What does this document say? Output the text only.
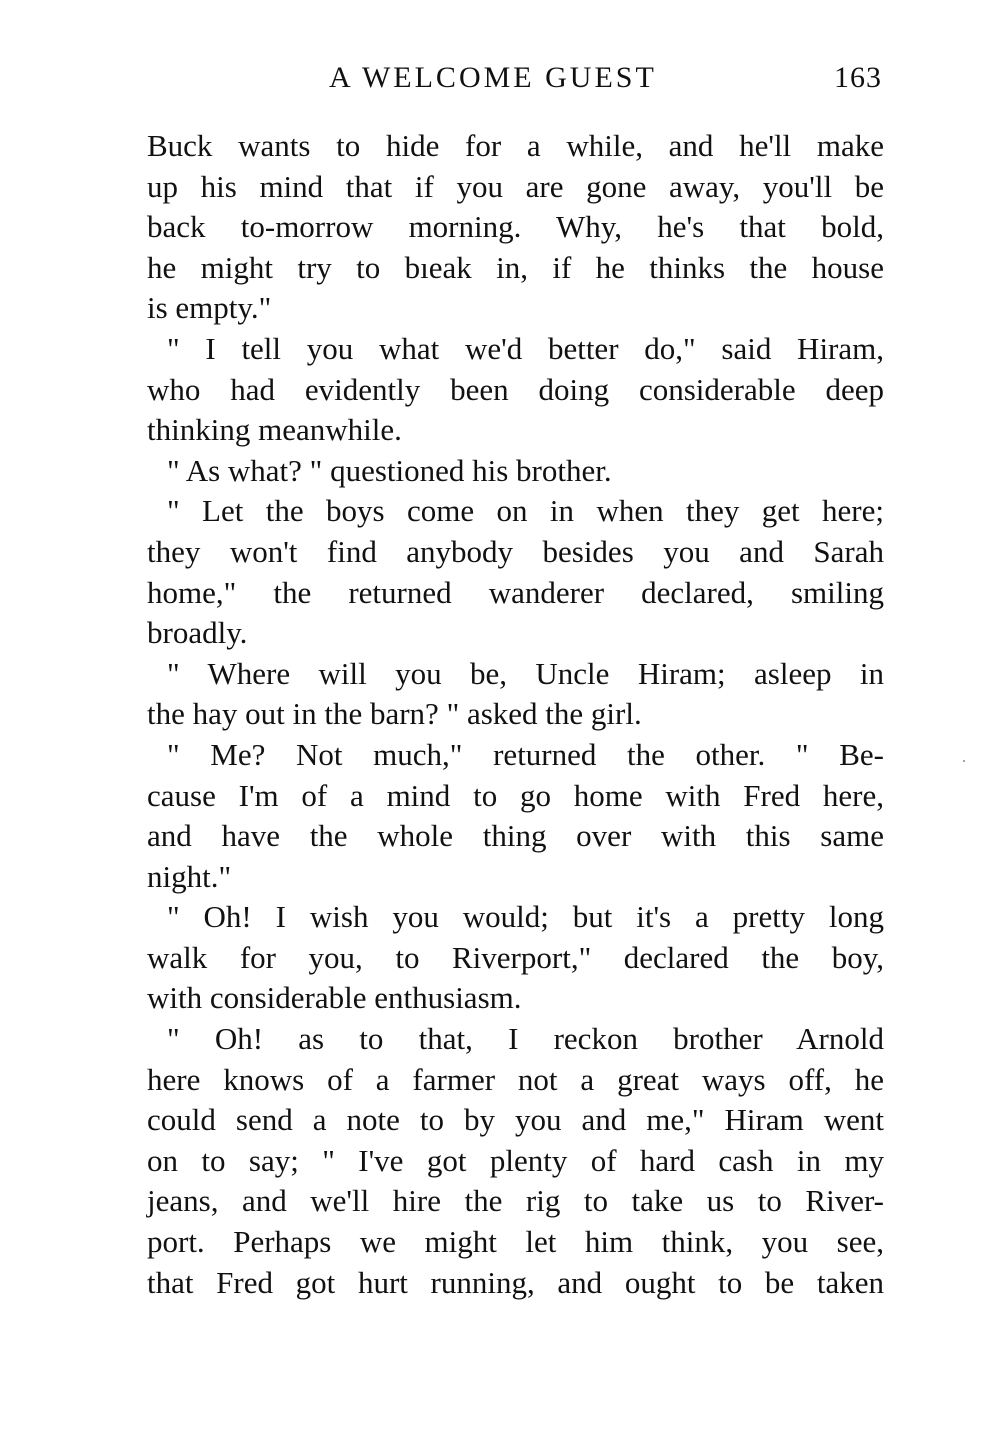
A WELCOME GUEST	163

Buck wants to hide for a while, and he'll make
up his mind that if you are gone away, you'll be
back to-morrow morning. Why, he's that bold,
he might try to bıeak in, if he thinks the house
is empty."

" I tell you what we'd better do," said Hiram,
who had evidently been doing considerable deep
thinking meanwhile.

" As what? " questioned his brother.

" Let the boys come on in when they get here;
they won't find anybody besides you and Sarah
home," the returned wanderer declared, smiling
broadly.

" Where will you be, Uncle Hiram; asleep in
the hay out in the barn? " asked the girl.

" Me? Not much," returned the other. " Be-
cause I'm of a mind to go home with Fred here,
and have the whole thing over with this same
night."

" Oh! I wish you would; but it's a pretty long
walk for you, to Riverport," declared the boy,
with considerable enthusiasm.

" Oh! as to that, I reckon brother Arnold
here knows of a farmer not a great ways off, he
could send a note to by you and me," Hiram went
on to say; " I've got plenty of hard cash in my
jeans, and we'll hire the rig to take us to River-
port. Perhaps we might let him think, you see,
that Fred got hurt running, and ought to be taken
